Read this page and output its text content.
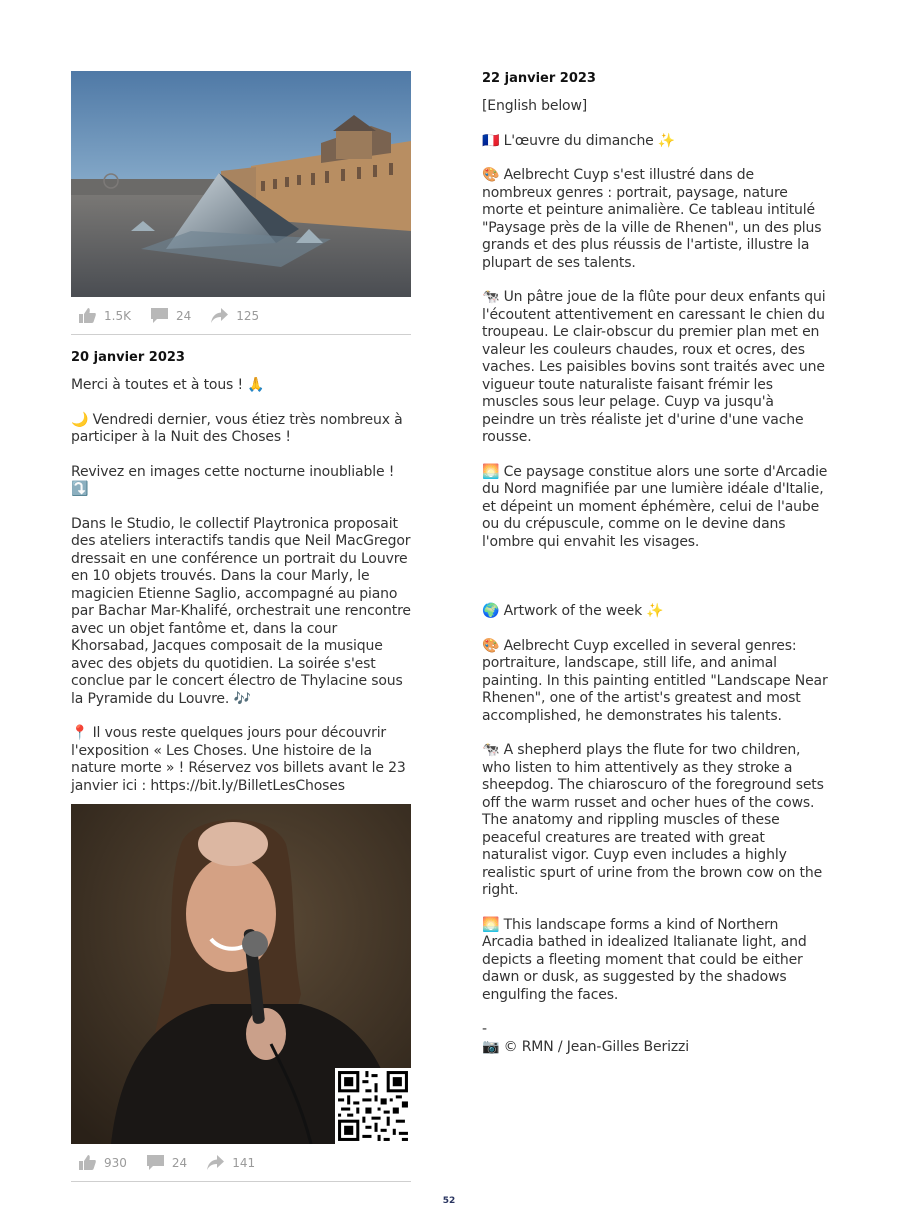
1.5K	24	125
20 janvier 2023

Merci à toutes et à tous ! 🙏

🌙 Vendredi dernier, vous étiez très nombreux à participer à la Nuit des Choses !

Revivez en images cette nocturne inoubliable ! ⤵️

Dans le Studio, le collectif Playtronica proposait des ateliers interactifs tandis que Neil MacGregor dressait en une conférence un portrait du Louvre en 10 objets trouvés. Dans la cour Marly, le magicien Etienne Saglio, accompagné au piano par Bachar Mar-Khalifé, orchestrait une rencontre avec un objet fantôme et, dans la cour Khorsabad, Jacques composait de la musique avec des objets du quotidien. La soirée s'est conclue par le concert électro de Thylacine sous la Pyramide du Louvre. 🎶

📍 Il vous reste quelques jours pour découvrir l'exposition « Les Choses. Une histoire de la nature morte » ! Réservez vos billets avant le 23 janvier ici : https://bit.ly/BilletLesChoses

930	24	141
22 janvier 2023

[English below]

🇫🇷 L'œuvre du dimanche ✨

🎨 Aelbrecht Cuyp s'est illustré dans de nombreux genres : portrait, paysage, nature morte et peinture animalière. Ce tableau intitulé "Paysage près de la ville de Rhenen", un des plus grands et des plus réussis de l'artiste, illustre la plupart de ses talents.

🐄 Un pâtre joue de la flûte pour deux enfants qui l'écoutent attentivement en caressant le chien du troupeau. Le clair-obscur du premier plan met en valeur les couleurs chaudes, roux et ocres, des vaches. Les paisibles bovins sont traités avec une vigueur toute naturaliste faisant frémir les muscles sous leur pelage. Cuyp va jusqu'à peindre un très réaliste jet d'urine d'une vache rousse.

🌅 Ce paysage constitue alors une sorte d'Arcadie du Nord magnifiée par une lumière idéale d'Italie, et dépeint un moment éphémère, celui de l'aube ou du crépuscule, comme on le devine dans l'ombre qui envahit les visages.

🌍 Artwork of the week ✨

🎨 Aelbrecht Cuyp excelled in several genres: portraiture, landscape, still life, and animal painting. In this painting entitled "Landscape Near Rhenen", one of the artist's greatest and most accomplished, he demonstrates his talents.

🐄 A shepherd plays the flute for two children, who listen to him attentively as they stroke a sheepdog. The chiaroscuro of the foreground sets off the warm russet and ocher hues of the cows. The anatomy and rippling muscles of these peaceful creatures are treated with great naturalist vigor. Cuyp even includes a highly realistic spurt of urine from the brown cow on the right.

🌅 This landscape forms a kind of Northern Arcadia bathed in idealized Italianate light, and depicts a fleeting moment that could be either dawn or dusk, as suggested by the shadows engulfing the faces.

-

📷 © RMN / Jean-Gilles Berizzi

52
